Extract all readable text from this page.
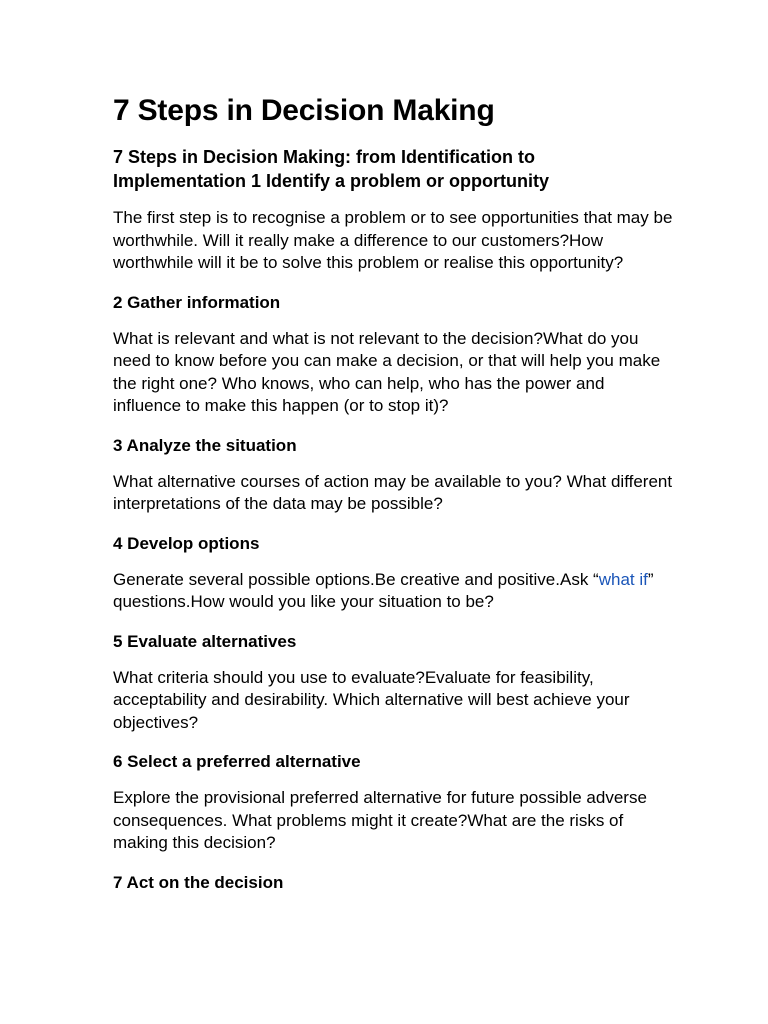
7 Steps in Decision Making

7 Steps in Decision Making: from Identification to Implementation 1 Identify a problem or opportunity

The first step is to recognise a problem or to see opportunities that may be worthwhile. Will it really make a difference to our customers?How worthwhile will it be to solve this problem or realise this opportunity?

2 Gather information

What is relevant and what is not relevant to the decision?What do you need to know before you can make a decision, or that will help you make the right one? Who knows, who can help, who has the power and influence to make this happen (or to stop it)?

3 Analyze the situation

What alternative courses of action may be available to you? What different interpretations of the data may be possible?

4 Develop options

Generate several possible options.Be creative and positive.Ask “what if” questions.How would you like your situation to be?

5 Evaluate alternatives

What criteria should you use to evaluate?Evaluate for feasibility, acceptability and desirability. Which alternative will best achieve your objectives?

6 Select a preferred alternative

Explore the provisional preferred alternative for future possible adverse consequences. What problems might it create?What are the risks of making this decision?

7 Act on the decision
